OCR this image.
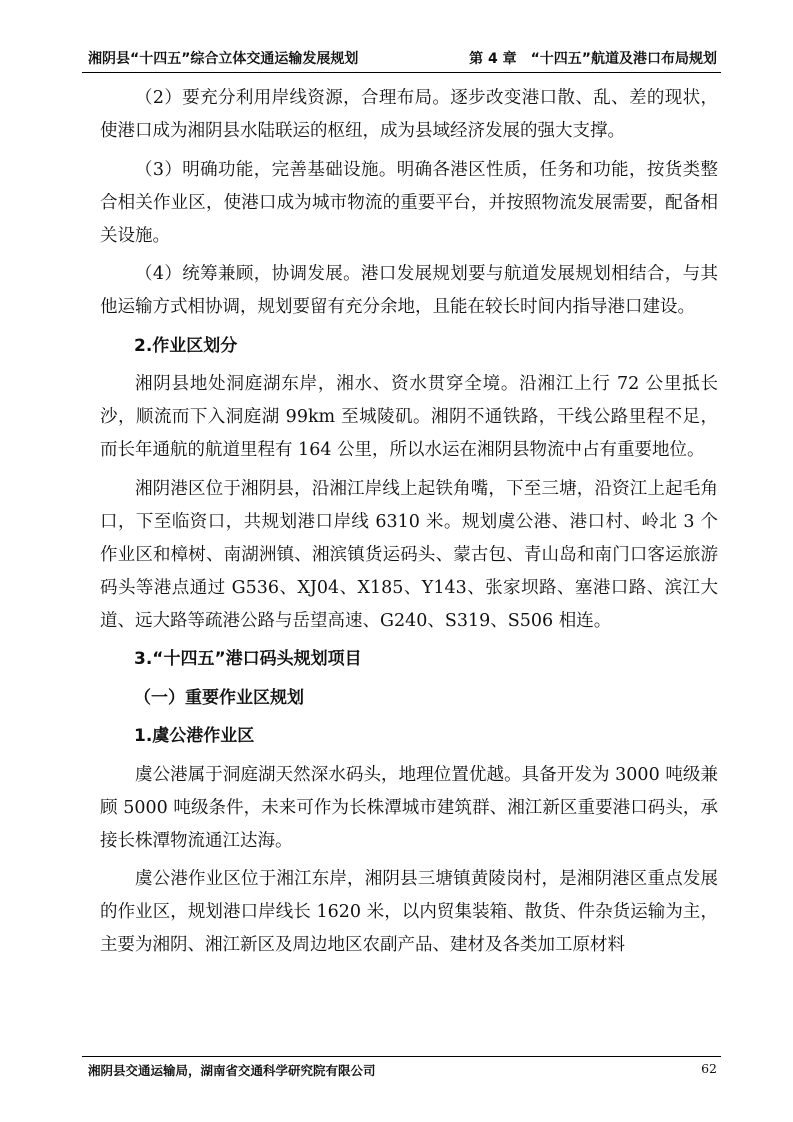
湘阴县“十四五”综合立体交通运输发展规划	第 4 章　“十四五”航道及港口布局规划

（2）要充分利用岸线资源，合理布局。逐步改变港口散、乱、差的现状，使港口成为湘阴县水陆联运的枢纽，成为县域经济发展的强大支撑。

（3）明确功能，完善基础设施。明确各港区性质，任务和功能，按货类整合相关作业区，使港口成为城市物流的重要平台，并按照物流发展需要，配备相关设施。

（4）统筹兼顾，协调发展。港口发展规划要与航道发展规划相结合，与其他运输方式相协调，规划要留有充分余地，且能在较长时间内指导港口建设。

2.作业区划分

湘阴县地处洞庭湖东岸，湘水、资水贯穿全境。沿湘江上行 72 公里抵长沙，顺流而下入洞庭湖 99km 至城陵矶。湘阴不通铁路，干线公路里程不足，而长年通航的航道里程有 164 公里，所以水运在湘阴县物流中占有重要地位。

湘阴港区位于湘阴县，沿湘江岸线上起铁角嘴，下至三塘，沿资江上起毛角口，下至临资口，共规划港口岸线 6310 米。规划虞公港、港口村、岭北 3 个作业区和樟树、南湖洲镇、湘滨镇货运码头、蒙古包、青山岛和南门口客运旅游码头等港点通过 G536、XJ04、X185、Y143、张家坝路、塞港口路、滨江大道、远大路等疏港公路与岳望高速、G240、S319、S506 相连。

3.“十四五”港口码头规划项目
（一）重要作业区规划
1.虞公港作业区

虞公港属于洞庭湖天然深水码头，地理位置优越。具备开发为 3000 吨级兼顾 5000 吨级条件，未来可作为长株潭城市建筑群、湘江新区重要港口码头，承接长株潭物流通江达海。

虞公港作业区位于湘江东岸，湘阴县三塘镇黄陵岗村，是湘阴港区重点发展的作业区，规划港口岸线长 1620 米，以内贸集装箱、散货、件杂货运输为主，主要为湘阴、湘江新区及周边地区农副产品、建材及各类加工原材料

湘阴县交通运输局，湖南省交通科学研究院有限公司	62
